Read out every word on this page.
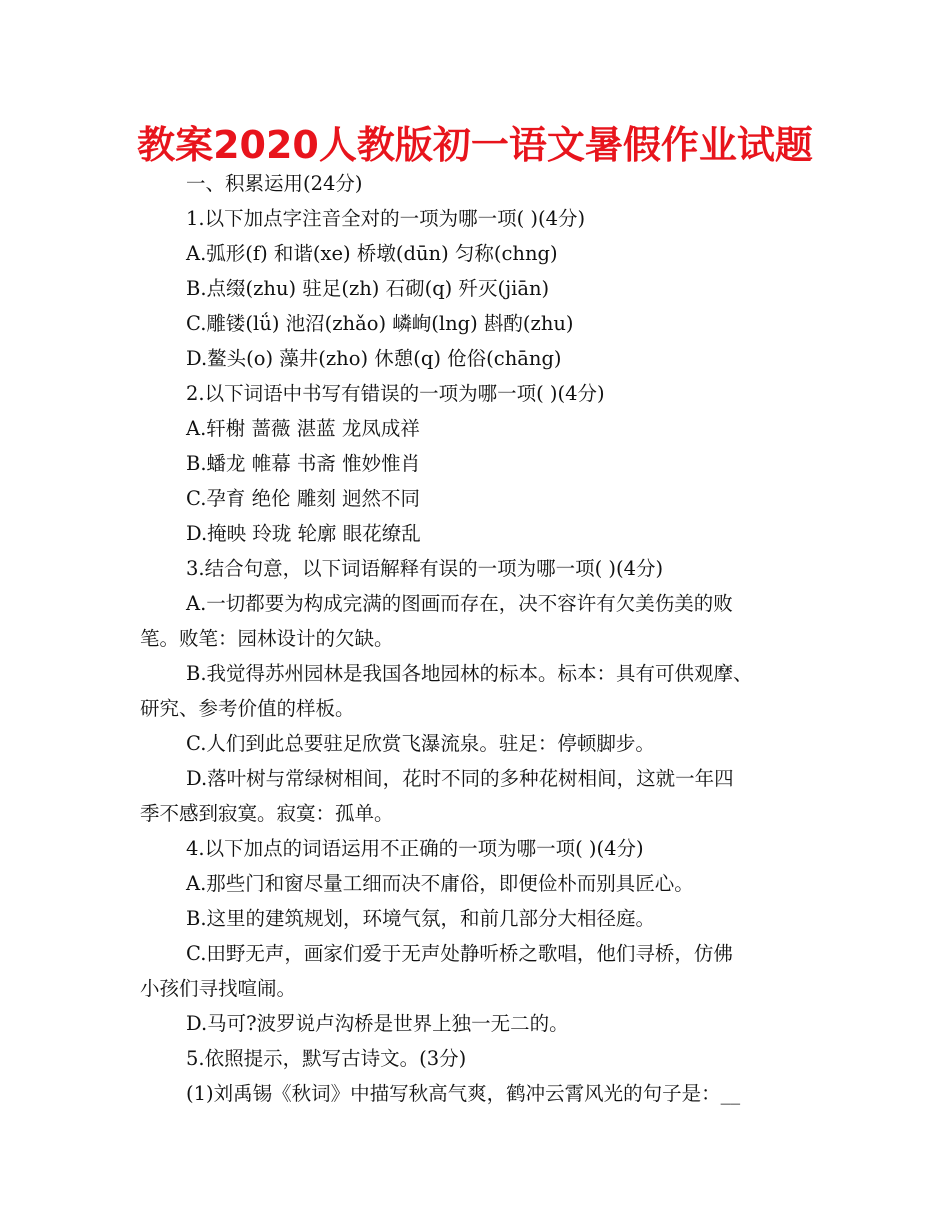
教案2020人教版初一语文暑假作业试题
一、积累运用(24分)
1.以下加点字注音全对的一项为哪一项( )(4分)
A.弧形(f) 和谐(xe) 桥墩(dūn) 匀称(chng)
B.点缀(zhu) 驻足(zh) 石砌(q) 歼灭(jiān)
C.雕镂(lǘ) 池沼(zhǎo) 嶙峋(lng) 斟酌(zhu)
D.鳌头(o) 藻井(zho) 休憩(q) 伧俗(chāng)
2.以下词语中书写有错误的一项为哪一项( )(4分)
A.轩榭 蔷薇 湛蓝 龙凤成祥
B.蟠龙 帷幕 书斋 惟妙惟肖
C.孕育 绝伦 雕刻 迥然不同
D.掩映 玲珑 轮廓 眼花缭乱
3.结合句意，以下词语解释有误的一项为哪一项( )(4分)
A.一切都要为构成完满的图画而存在，决不容许有欠美伤美的败
笔。败笔：园林设计的欠缺。
B.我觉得苏州园林是我国各地园林的标本。标本：具有可供观摩、
研究、参考价值的样板。
C.人们到此总要驻足欣赏飞瀑流泉。驻足：停顿脚步。
D.落叶树与常绿树相间，花时不同的多种花树相间，这就一年四
季不感到寂寞。寂寞：孤单。
4.以下加点的词语运用不正确的一项为哪一项( )(4分)
A.那些门和窗尽量工细而决不庸俗，即便俭朴而别具匠心。
B.这里的建筑规划，环境气氛，和前几部分大相径庭。
C.田野无声，画家们爱于无声处静听桥之歌唱，他们寻桥，仿佛
小孩们寻找喧闹。
D.马可?波罗说卢沟桥是世界上独一无二的。
5.依照提示，默写古诗文。(3分)
(1)刘禹锡《秋词》中描写秋高气爽，鹤冲云霄风光的句子是：__
